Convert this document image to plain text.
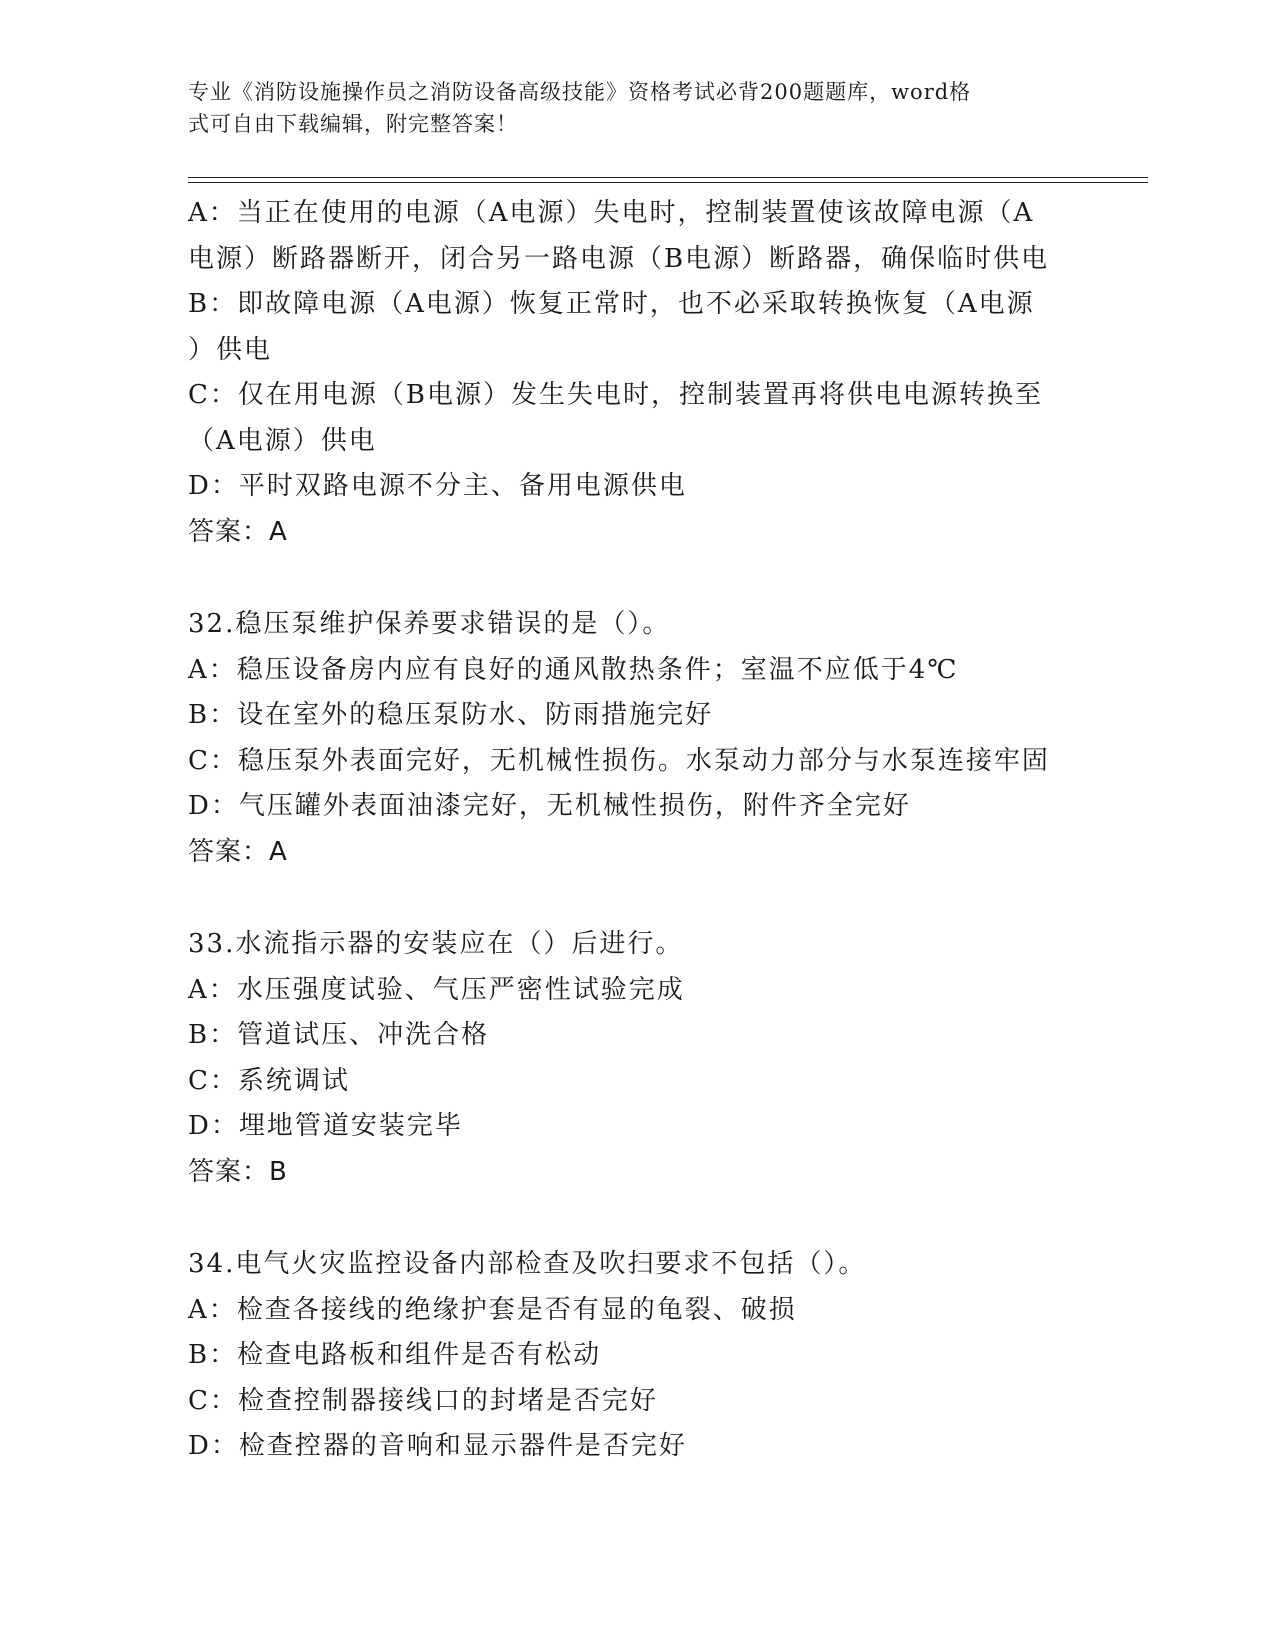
专业《消防设施操作员之消防设备高级技能》资格考试必背200题题库，word格
式可自由下载编辑，附完整答案！
A：当正在使用的电源（A电源）失电时，控制装置使该故障电源（A
电源）断路器断开，闭合另一路电源（B电源）断路器，确保临时供电
B：即故障电源（A电源）恢复正常时，也不必采取转换恢复（A电源
）供电
C：仅在用电源（B电源）发生失电时，控制装置再将供电电源转换至
（A电源）供电
D：平时双路电源不分主、备用电源供电
答案：A
32.稳压泵维护保养要求错误的是（）。
A：稳压设备房内应有良好的通风散热条件；室温不应低于4℃
B：设在室外的稳压泵防水、防雨措施完好
C：稳压泵外表面完好，无机械性损伤。水泵动力部分与水泵连接牢固
D：气压罐外表面油漆完好，无机械性损伤，附件齐全完好
答案：A
33.水流指示器的安装应在（）后进行。
A：水压强度试验、气压严密性试验完成
B：管道试压、冲洗合格
C：系统调试
D：埋地管道安装完毕
答案：B
34.电气火灾监控设备内部检查及吹扫要求不包括（）。
A：检查各接线的绝缘护套是否有显的龟裂、破损
B：检查电路板和组件是否有松动
C：检查控制器接线口的封堵是否完好
D：检查控器的音响和显示器件是否完好
